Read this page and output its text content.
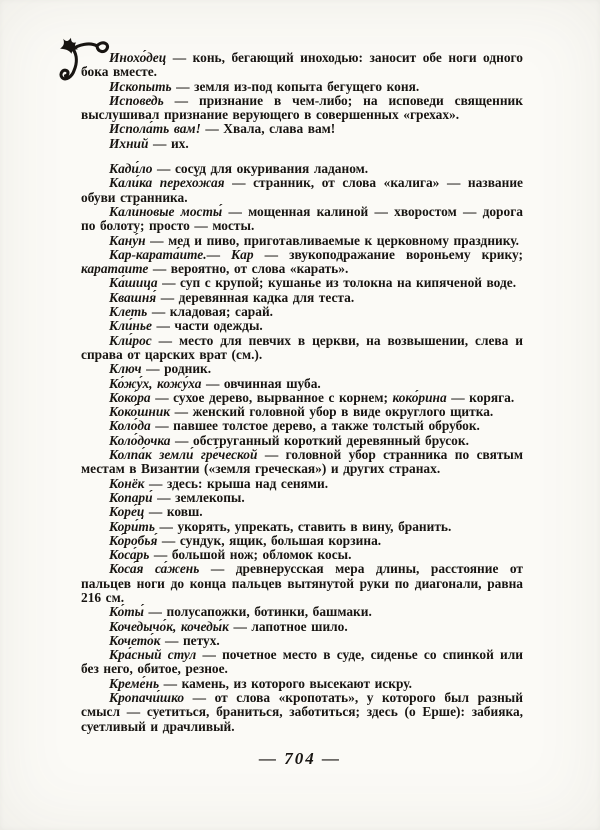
Инохо́дец — конь, бегающий иноходью: заносит обе ноги одного бока вместе.

Ископыть — земля из-под копыта бегущего коня.

Исповедь — признание в чем-либо; на исповеди священник выслушивал признание верующего в совершенных «грехах».

Испола́ть вам! — Хвала, слава вам!

Ихний — их.

Кади́ло — сосуд для окуривания ладаном.

Кали́ка перехо́жая — странник, от слова «калига» — название обуви странника.

Кали́новые мосты́ — мощенная калиной — хворостом — дорога по болоту; просто — мосты.

Кану́н — мед и пиво, приготавливаемые к церковному празднику.

Кар-карата́ите.— Кар — звукоподражание вороньему крику; каратаите — вероятно, от слова «карать».

Ка́шица — суп с крупой; кушанье из толокна на кипяченой воде.

Квашня́ — деревянная кадка для теста.

Клеть — кладовая; сарай.

Кли́нье — части одежды.

Кли́рос — место для певчих в церкви, на возвышении, слева и справа от царских врат (см.).

Ключ — родник.

Ко́жу́х, кожу́ха — овчинная шуба.

Коко́ра — сухое дерево, вырванное с корнем; коко́рина — коряга.

Коко́шник — женский головной убор в виде округлого щитка.

Коло́да — павшее толстое дерево, а также толстый обрубок.

Коло́дочка — обструганный короткий деревянный брусок.

Колпа́к земли́ гре́ческой — головной убор странника по святым местам в Византии («земля греческая») и других странах.

Конёк — здесь: крыша над сенями.

Копари́ — землекопы.

Коре́ц — ковш.

Кори́ть — укорять, упрекать, ставить в вину, бранить.

Ко́робья́ — сундук, ящик, большая корзина.

Коса́рь — большой нож; обломок косы.

Коса́я са́жень — древнерусская мера длины, расстояние от пальцев ноги до конца пальцев вытянутой руки по диагонали, равна 216 см.

Ко́ты́ — полусапожки, ботинки, башмаки.

Кочедычо́к, кочеды́к — лапотное шило.

Кочето́к — петух.

Кра́сный стул — почетное место в суде, сиденье со спинкой или без него, обитое, резное.

Креме́нь — камень, из которого высекают искру.

Кропачи́шко — от слова «кропотать», у которого был разный смысл — суетиться, браниться, заботиться; здесь (о Ерше): забияка, суетливый и драчливый.

— 704 —
